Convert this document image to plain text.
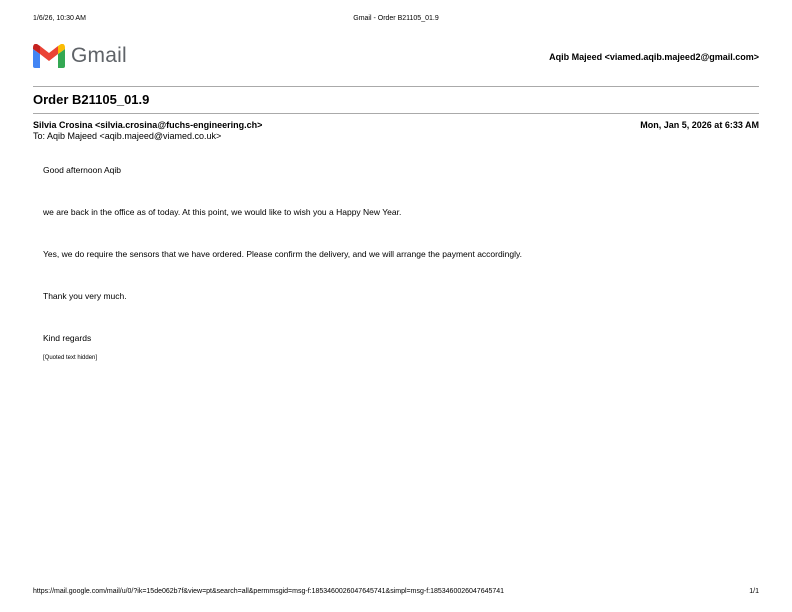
1/6/26, 10:30 AM	Gmail - Order B21105_01.9
Gmail	Aqib Majeed <viamed.aqib.majeed2@gmail.com>
Order B21105_01.9
Silvia Crosina <silvia.crosina@fuchs-engineering.ch>
To: Aqib Majeed <aqib.majeed@viamed.co.uk>
Mon, Jan 5, 2026 at 6:33 AM
Good afternoon Aqib
we are back in the office as of today. At this point, we would like to wish you a Happy New Year.
Yes, we do require the sensors that we have ordered. Please confirm the delivery, and we will arrange the payment accordingly.
Thank you very much.
Kind regards
[Quoted text hidden]
https://mail.google.com/mail/u/0/?ik=15de062b7f&view=pt&search=all&permmsgid=msg-f:1853460026047645741&simpl=msg-f:1853460026047645741	1/1
